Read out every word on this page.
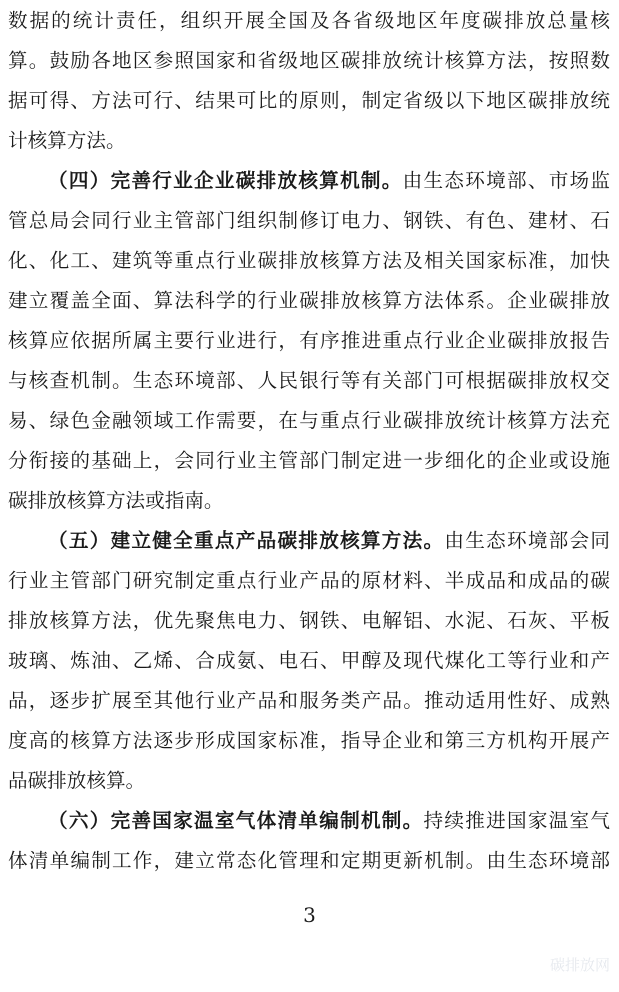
数据的统计责任，组织开展全国及各省级地区年度碳排放总量核
算。鼓励各地区参照国家和省级地区碳排放统计核算方法，按照数
据可得、方法可行、结果可比的原则，制定省级以下地区碳排放统
计核算方法。
（四）完善行业企业碳排放核算机制。由生态环境部、市场监
管总局会同行业主管部门组织制修订电力、钢铁、有色、建材、石
化、化工、建筑等重点行业碳排放核算方法及相关国家标准，加快
建立覆盖全面、算法科学的行业碳排放核算方法体系。企业碳排放
核算应依据所属主要行业进行，有序推进重点行业企业碳排放报告
与核查机制。生态环境部、人民银行等有关部门可根据碳排放权交
易、绿色金融领域工作需要，在与重点行业碳排放统计核算方法充
分衔接的基础上，会同行业主管部门制定进一步细化的企业或设施
碳排放核算方法或指南。
（五）建立健全重点产品碳排放核算方法。由生态环境部会同
行业主管部门研究制定重点行业产品的原材料、半成品和成品的碳
排放核算方法，优先聚焦电力、钢铁、电解铝、水泥、石灰、平板
玻璃、炼油、乙烯、合成氨、电石、甲醇及现代煤化工等行业和产
品，逐步扩展至其他行业产品和服务类产品。推动适用性好、成熟
度高的核算方法逐步形成国家标准，指导企业和第三方机构开展产
品碳排放核算。
（六）完善国家温室气体清单编制机制。持续推进国家温室气
体清单编制工作，建立常态化管理和定期更新机制。由生态环境部
3
碳排放网
